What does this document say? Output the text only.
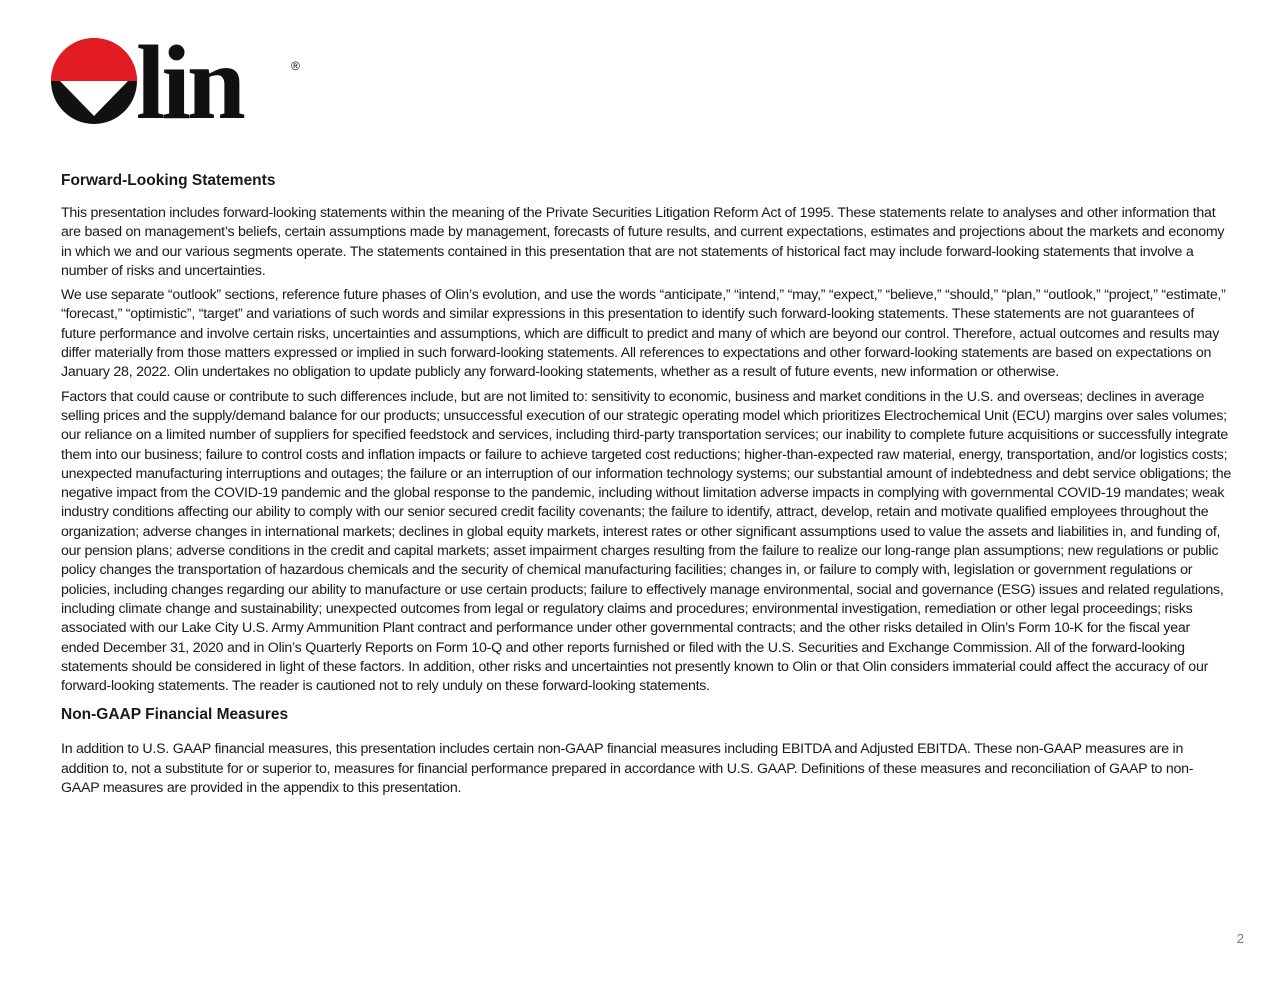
lin	®
Forward-Looking Statements

This presentation includes forward-looking statements within the meaning of the Private Securities Litigation Reform Act of 1995. These statements relate to analyses and other information that are based on management’s beliefs, certain assumptions made by management, forecasts of future results, and current expectations, estimates and projections about the markets and economy in which we and our various segments operate. The statements contained in this presentation that are not statements of historical fact may include forward-looking statements that involve a number of risks and uncertainties.

We use separate “outlook” sections, reference future phases of Olin’s evolution, and use the words “anticipate,” “intend,” “may,” “expect,” “believe,” “should,” “plan,” “outlook,” “project,” “estimate,” “forecast,” “optimistic”, “target” and variations of such words and similar expressions in this presentation to identify such forward-looking statements. These statements are not guarantees of future performance and involve certain risks, uncertainties and assumptions, which are difficult to predict and many of which are beyond our control. Therefore, actual outcomes and results may differ materially from those matters expressed or implied in such forward-looking statements. All references to expectations and other forward-looking statements are based on expectations on January 28, 2022. Olin undertakes no obligation to update publicly any forward-looking statements, whether as a result of future events, new information or otherwise.

Factors that could cause or contribute to such differences include, but are not limited to: sensitivity to economic, business and market conditions in the U.S. and overseas; declines in average selling prices and the supply/demand balance for our products; unsuccessful execution of our strategic operating model which prioritizes Electrochemical Unit (ECU) margins over sales volumes; our reliance on a limited number of suppliers for specified feedstock and services, including third-party transportation services; our inability to complete future acquisitions or successfully integrate them into our business; failure to control costs and inflation impacts or failure to achieve targeted cost reductions; higher-than-expected raw material, energy, transportation, and/or logistics costs; unexpected manufacturing interruptions and outages; the failure or an interruption of our information technology systems; our substantial amount of indebtedness and debt service obligations; the negative impact from the COVID-19 pandemic and the global response to the pandemic, including without limitation adverse impacts in complying with governmental COVID-19 mandates; weak industry conditions affecting our ability to comply with our senior secured credit facility covenants; the failure to identify, attract, develop, retain and motivate qualified employees throughout the organization; adverse changes in international markets; declines in global equity markets, interest rates or other significant assumptions used to value the assets and liabilities in, and funding of, our pension plans; adverse conditions in the credit and capital markets; asset impairment charges resulting from the failure to realize our long-range plan assumptions; new regulations or public policy changes the transportation of hazardous chemicals and the security of chemical manufacturing facilities; changes in, or failure to comply with, legislation or government regulations or policies, including changes regarding our ability to manufacture or use certain products; failure to effectively manage environmental, social and governance (ESG) issues and related regulations, including climate change and sustainability; unexpected outcomes from legal or regulatory claims and procedures; environmental investigation, remediation or other legal proceedings; risks associated with our Lake City U.S. Army Ammunition Plant contract and performance under other governmental contracts; and the other risks detailed in Olin’s Form 10-K for the fiscal year ended December 31, 2020 and in Olin’s Quarterly Reports on Form 10-Q and other reports furnished or filed with the U.S. Securities and Exchange Commission. All of the forward-looking statements should be considered in light of these factors. In addition, other risks and uncertainties not presently known to Olin or that Olin considers immaterial could affect the accuracy of our forward-looking statements. The reader is cautioned not to rely unduly on these forward-looking statements.

Non-GAAP Financial Measures

In addition to U.S. GAAP financial measures, this presentation includes certain non-GAAP financial measures including EBITDA and Adjusted EBITDA. These non-GAAP measures are in addition to, not a substitute for or superior to, measures for financial performance prepared in accordance with U.S. GAAP. Definitions of these measures and reconciliation of GAAP to non-GAAP measures are provided in the appendix to this presentation.

2
